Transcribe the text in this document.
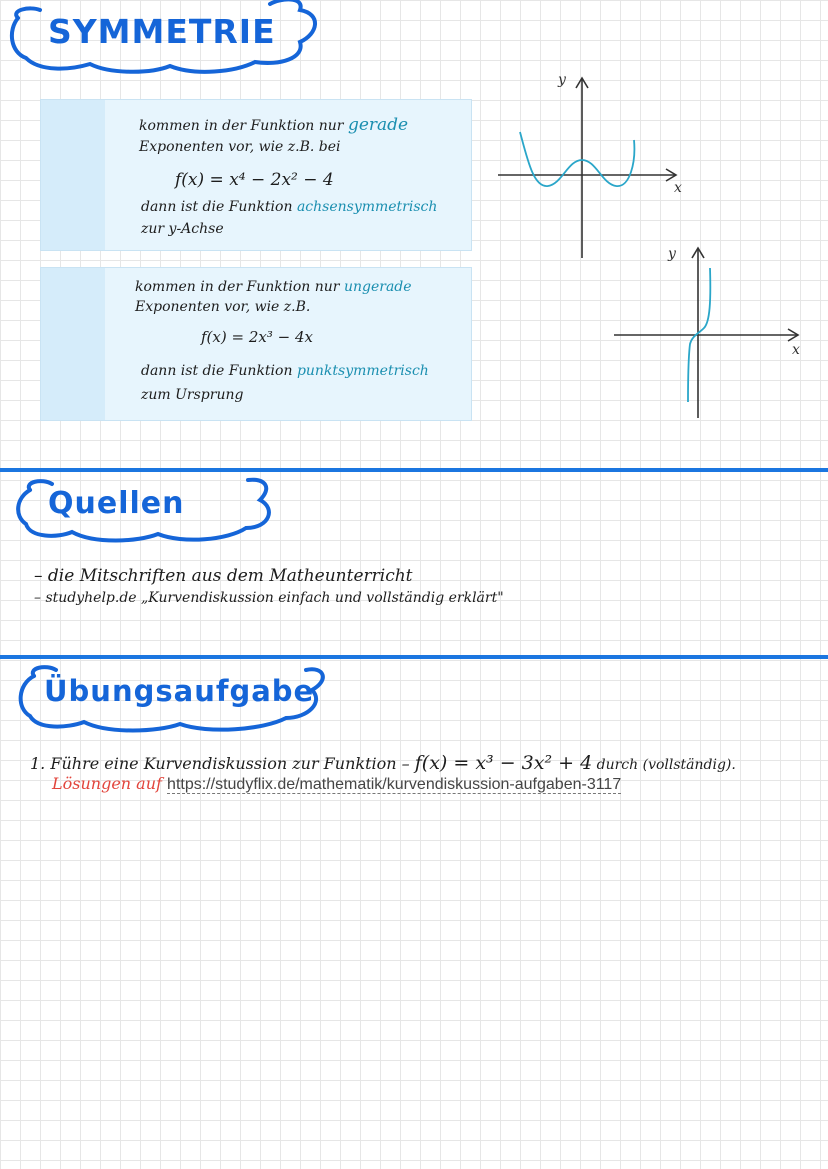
SYMMETRIE
kommen in der Funktion nur gerade
Exponenten vor, wie z.B. bei
f(x) = x⁴ − 2x² − 4
dann ist die Funktion achsensymmetrisch
zur y-Achse
kommen in der Funktion nur ungerade
Exponenten vor, wie z.B.
f(x) = 2x³ − 4x
dann ist die Funktion punktsymmetrisch
zum Ursprung
y
x
y
x
Quellen
– die Mitschriften aus dem Matheunterricht
– studyhelp.de „Kurvendiskussion einfach und vollständig erklärt"
Übungsaufgabe
1. Führe eine Kurvendiskussion zur Funktion – f(x) = x³ − 3x² + 4 durch (vollständig).
Lösungen auf https://studyflix.de/mathematik/kurvendiskussion-aufgaben-3117
